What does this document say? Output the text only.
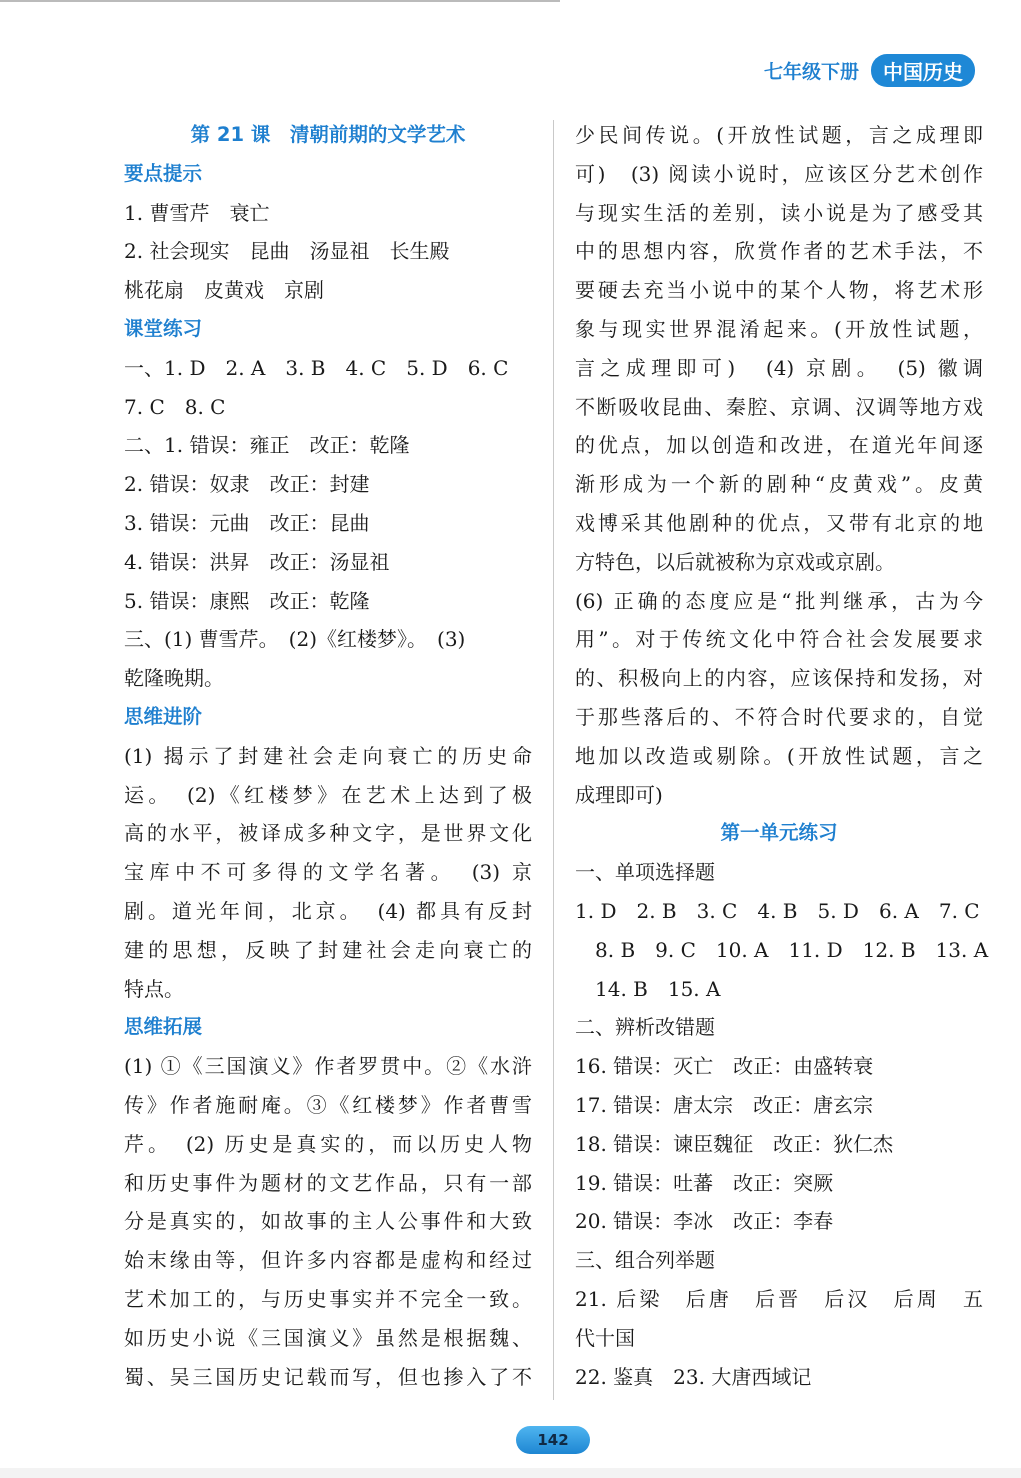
七年级下册	中国历史
第 21 课　清朝前期的文学艺术
要点提示
1. 曹雪芹　衰亡
2. 社会现实　昆曲　汤显祖　长生殿
桃花扇　皮黄戏　京剧
课堂练习
一、1. D　2. A　3. B　4. C　5. D　6. C
7. C　8. C
二、1. 错误：雍正　改正：乾隆
2. 错误：奴隶　改正：封建
3. 错误：元曲　改正：昆曲
4. 错误：洪昇　改正：汤显祖
5. 错误：康熙　改正：乾隆
三、(1) 曹雪芹。　(2)《红楼梦》。　(3)
乾隆晚期。
思维进阶
(1) 揭示了封建社会走向衰亡的历史命
运。　(2)《红楼梦》在艺术上达到了极
高的水平，被译成多种文字，是世界文化
宝库中不可多得的文学名著。　(3) 京
剧。道光年间，北京。　(4) 都具有反封
建的思想，反映了封建社会走向衰亡的
特点。
思维拓展
(1) ①《三国演义》作者罗贯中。②《水浒
传》作者施耐庵。③《红楼梦》作者曹雪
芹。　(2) 历史是真实的，而以历史人物
和历史事件为题材的文艺作品，只有一部
分是真实的，如故事的主人公事件和大致
始末缘由等，但许多内容都是虚构和经过
艺术加工的，与历史事实并不完全一致。
如历史小说《三国演义》虽然是根据魏、
蜀、吴三国历史记载而写，但也掺入了不
少民间传说。(开放性试题，言之成理即
可)　(3) 阅读小说时，应该区分艺术创作
与现实生活的差别，读小说是为了感受其
中的思想内容，欣赏作者的艺术手法，不
要硬去充当小说中的某个人物，将艺术形
象与现实世界混淆起来。(开放性试题，
言之成理即可)　(4) 京剧。　(5) 徽调
不断吸收昆曲、秦腔、京调、汉调等地方戏
的优点，加以创造和改进，在道光年间逐
渐形成为一个新的剧种“皮黄戏”。皮黄
戏博采其他剧种的优点，又带有北京的地
方特色，以后就被称为京戏或京剧。
(6) 正确的态度应是“批判继承，古为今
用”。对于传统文化中符合社会发展要求
的、积极向上的内容，应该保持和发扬，对
于那些落后的、不符合时代要求的，自觉
地加以改造或剔除。(开放性试题，言之
成理即可)
第一单元练习
一、单项选择题
1. D　2. B　3. C　4. B　5. D　6. A　7. C
　8. B　9. C　10. A　11. D　12. B　13. A
　14. B　15. A
二、辨析改错题
16. 错误：灭亡　改正：由盛转衰
17. 错误：唐太宗　改正：唐玄宗
18. 错误：谏臣魏征　改正：狄仁杰
19. 错误：吐蕃　改正：突厥
20. 错误：李冰　改正：李春
三、组合列举题
21. 后梁　后唐　后晋　后汉　后周　五
代十国
22. 鉴真　23. 大唐西域记
142
